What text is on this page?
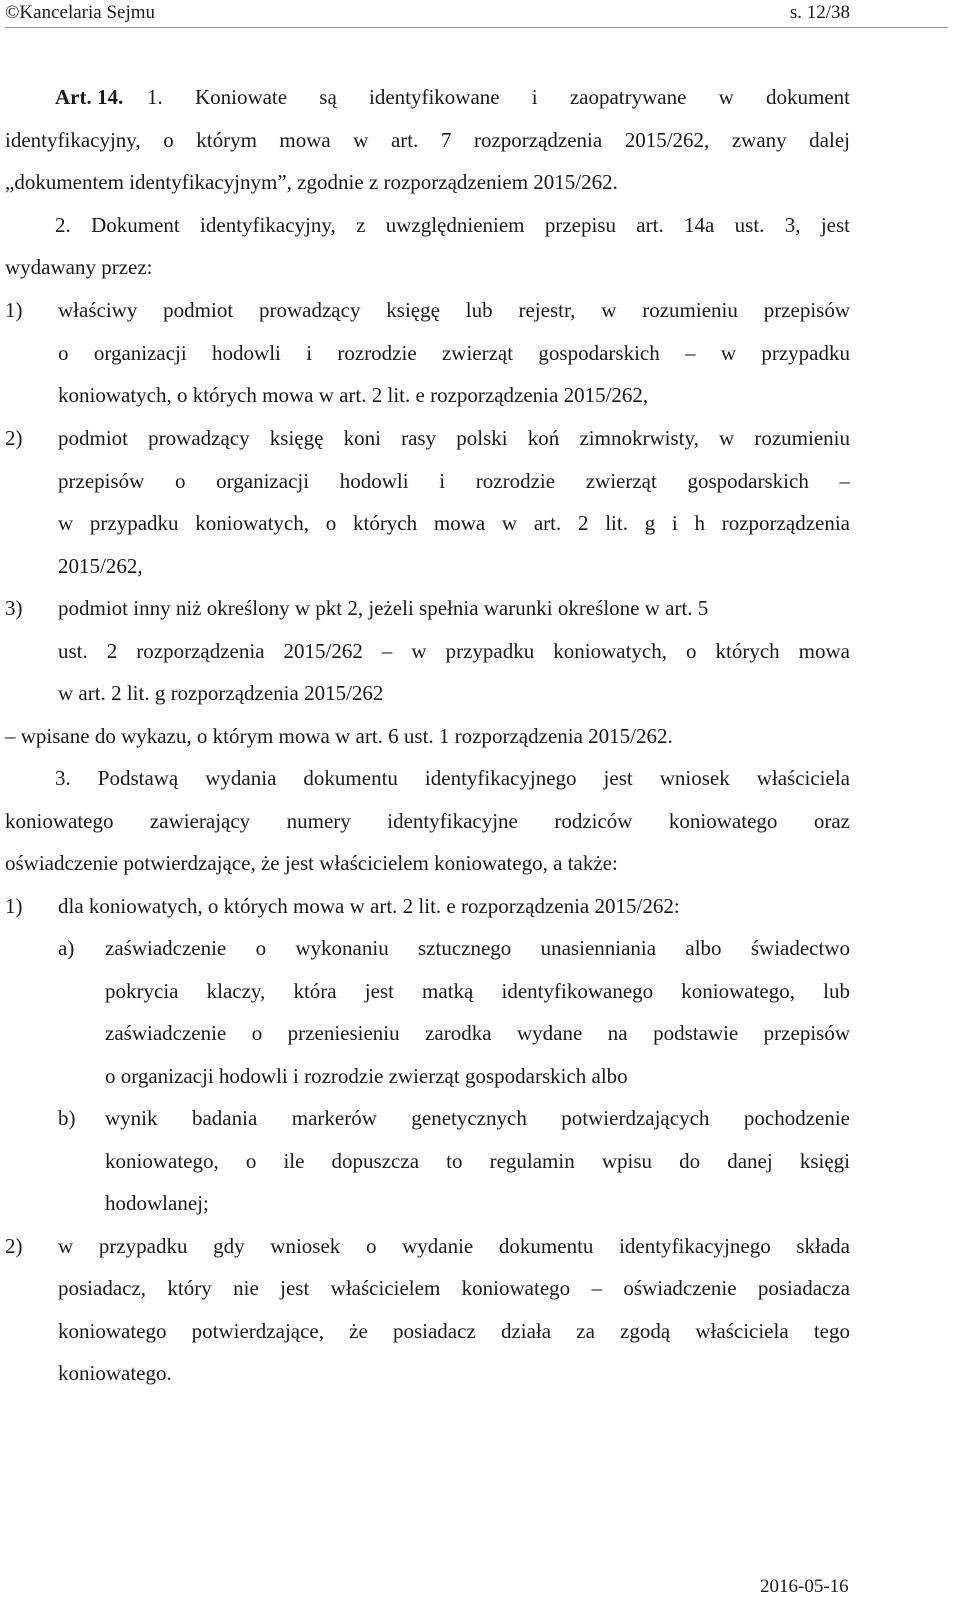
©Kancelaria Sejmu	s. 12/38
Art. 14. 1. Koniowate są identyfikowane i zaopatrywane w dokument
identyfikacyjny, o którym mowa w art. 7 rozporządzenia 2015/262, zwany dalej
„dokumentem identyfikacyjnym”, zgodnie z rozporządzeniem 2015/262.
2. Dokument identyfikacyjny, z uwzględnieniem przepisu art. 14a ust. 3, jest
wydawany przez:
1) właściwy podmiot prowadzący księgę lub rejestr, w rozumieniu przepisów
o organizacji hodowli i rozrodzie zwierząt gospodarskich – w przypadku
koniowatych, o których mowa w art. 2 lit. e rozporządzenia 2015/262,
2) podmiot prowadzący księgę koni rasy polski koń zimnokrwisty, w rozumieniu
przepisów o organizacji hodowli i rozrodzie zwierząt gospodarskich –
w przypadku koniowatych, o których mowa w art. 2 lit. g i h rozporządzenia
2015/262,
3) podmiot inny niż określony w pkt 2, jeżeli spełnia warunki określone w art. 5
ust. 2 rozporządzenia 2015/262 – w przypadku koniowatych, o których mowa
w art. 2 lit. g rozporządzenia 2015/262
– wpisane do wykazu, o którym mowa w art. 6 ust. 1 rozporządzenia 2015/262.
3. Podstawą wydania dokumentu identyfikacyjnego jest wniosek właściciela
koniowatego zawierający numery identyfikacyjne rodziców koniowatego oraz
oświadczenie potwierdzające, że jest właścicielem koniowatego, a także:
1) dla koniowatych, o których mowa w art. 2 lit. e rozporządzenia 2015/262:
a) zaświadczenie o wykonaniu sztucznego unasienniania albo świadectwo
pokrycia klaczy, która jest matką identyfikowanego koniowatego, lub
zaświadczenie o przeniesieniu zarodka wydane na podstawie przepisów
o organizacji hodowli i rozrodzie zwierząt gospodarskich albo
b) wynik badania markerów genetycznych potwierdzających pochodzenie
koniowatego, o ile dopuszcza to regulamin wpisu do danej księgi
hodowlanej;
2) w przypadku gdy wniosek o wydanie dokumentu identyfikacyjnego składa
posiadacz, który nie jest właścicielem koniowatego – oświadczenie posiadacza
koniowatego potwierdzające, że posiadacz działa za zgodą właściciela tego
koniowatego.
2016-05-16
